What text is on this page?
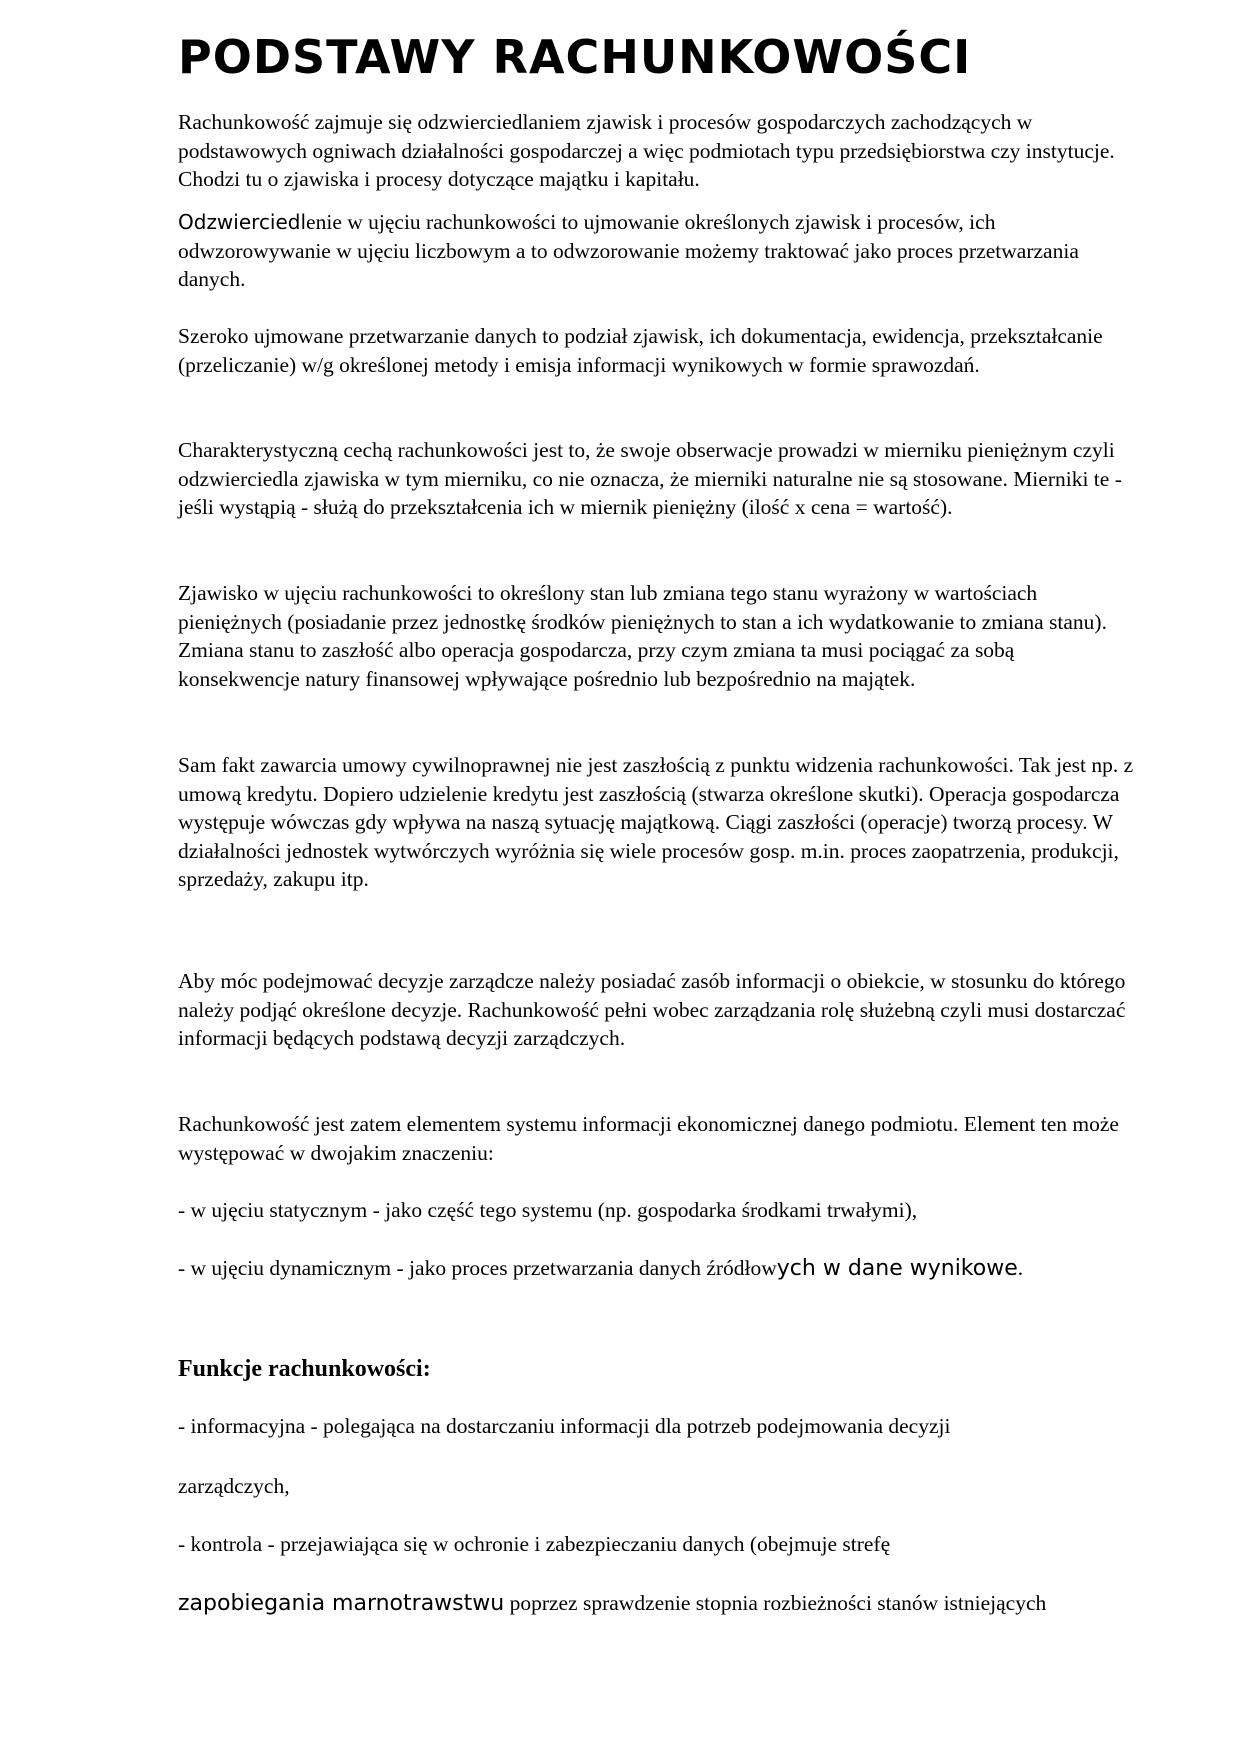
PODSTAWY RACHUNKOWOŚCI

Rachunkowość zajmuje się odzwierciedlaniem zjawisk i procesów gospodarczych zachodzących w podstawowych ogniwach działalności gospodarczej a więc podmiotach typu przedsiębiorstwa czy instytucje. Chodzi tu o zjawiska i procesy dotyczące majątku i kapitału.

Odzwierciedlenie w ujęciu rachunkowości to ujmowanie określonych zjawisk i procesów, ich odwzorowywanie w ujęciu liczbowym a to odwzorowanie możemy traktować jako proces przetwarzania danych.

Szeroko ujmowane przetwarzanie danych to podział zjawisk, ich dokumentacja, ewidencja, przekształcanie (przeliczanie) w/g określonej metody i emisja informacji wynikowych w formie sprawozdań.

Charakterystyczną cechą rachunkowości jest to, że swoje obserwacje prowadzi w mierniku pieniężnym czyli odzwierciedla zjawiska w tym mierniku, co nie oznacza, że mierniki naturalne nie są stosowane. Mierniki te - jeśli wystąpią - służą do przekształcenia ich w miernik pieniężny (ilość x cena = wartość).

Zjawisko w ujęciu rachunkowości to określony stan lub zmiana tego stanu wyrażony w wartościach pieniężnych (posiadanie przez jednostkę środków pieniężnych to stan a ich wydatkowanie to zmiana stanu). Zmiana stanu to zaszłość albo operacja gospodarcza, przy czym zmiana ta musi pociągać za sobą konsekwencje natury finansowej wpływające pośrednio lub bezpośrednio na majątek.

Sam fakt zawarcia umowy cywilnoprawnej nie jest zaszłością z punktu widzenia rachunkowości. Tak jest np. z umową kredytu. Dopiero udzielenie kredytu jest zaszłością (stwarza określone skutki). Operacja gospodarcza występuje wówczas gdy wpływa na naszą sytuację majątkową. Ciągi zaszłości (operacje) tworzą procesy. W działalności jednostek wytwórczych wyróżnia się wiele procesów gosp. m.in. proces zaopatrzenia, produkcji, sprzedaży, zakupu itp.

Aby móc podejmować decyzje zarządcze należy posiadać zasób informacji o obiekcie, w stosunku do którego należy podjąć określone decyzje. Rachunkowość pełni wobec zarządzania rolę służebną czyli musi dostarczać informacji będących podstawą decyzji zarządczych.

Rachunkowość jest zatem elementem systemu informacji ekonomicznej danego podmiotu. Element ten może występować w dwojakim znaczeniu:

- w ujęciu statycznym - jako część tego systemu (np. gospodarka środkami trwałymi),

- w ujęciu dynamicznym - jako proces przetwarzania danych źródłowych w dane wynikowe.

Funkcje rachunkowości:

- informacyjna - polegająca na dostarczaniu informacji dla potrzeb podejmowania decyzji

zarządczych,

- kontrola - przejawiająca się w ochronie i zabezpieczaniu danych (obejmuje strefę

zapobiegania marnotrawstwu poprzez sprawdzenie stopnia rozbieżności stanów istniejących
